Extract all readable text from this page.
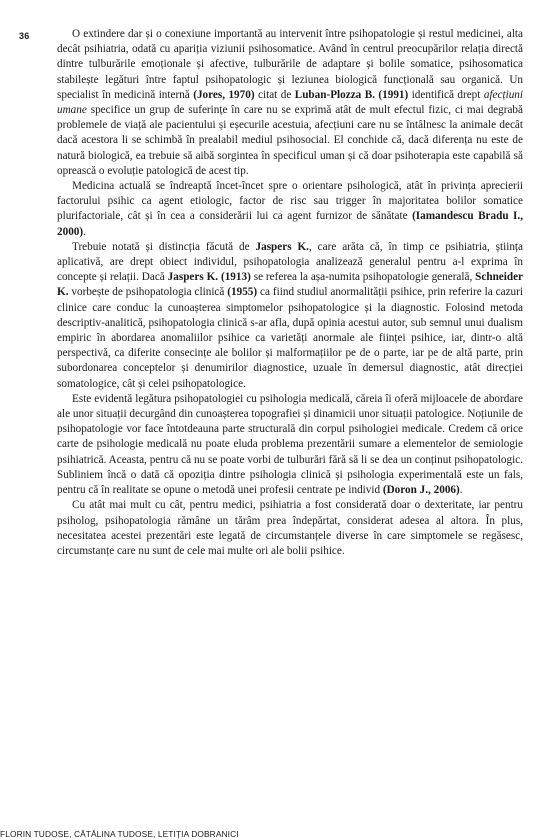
36	O extindere dar și o conexiune importantă au intervenit între psihopatologie și restul medicinei, alta decât psihiatria, odată cu apariția viziunii psihosomatice. Având în centrul preocupărilor relația directă dintre tulburările emoționale și afective, tulburările de adaptare și bolile somatice, psihosomatica stabilește legături între faptul psihopatologic și leziunea biologică funcțională sau organică. Un specialist în medicină internă (Jores, 1970) citat de Luban-Plozza B. (1991) identifică drept afecțiuni umane specifice un grup de suferințe în care nu se exprimă atât de mult efectul fizic, ci mai degrabă problemele de viață ale pacientului și eșecurile acestuia, afecțiuni care nu se întâlnesc la animale decât dacă acestora li se schimbă în prealabil mediul psihosocial. El conchide că, dacă diferența nu este de natură biologică, ea trebuie să aibă sorgintea în specificul uman și că doar psihoterapia este capabilă să oprească o evoluție patologică de acest tip.

Medicina actuală se îndreaptă încet-încet spre o orientare psihologică, atât în privința aprecierii factorului psihic ca agent etiologic, factor de risc sau trigger în majoritatea bolilor somatice plurifactoriale, cât și în cea a considerării lui ca agent furnizor de sănătate (Iamandescu Bradu I., 2000).

Trebuie notată și distincția făcută de Jaspers K., care arăta că, în timp ce psihiatria, știința aplicativă, are drept obiect individul, psihopatologia analizează generalul pentru a-l exprima în concepte și relații. Dacă Jaspers K. (1913) se referea la așa-numita psihopatologie generală, Schneider K. vorbește de psihopatologia clinică (1955) ca fiind studiul anormalității psihice, prin referire la cazuri clinice care conduc la cunoașterea simptomelor psihopatologice și la diagnostic. Folosind metoda descriptiv-analitică, psihopatologia clinică s-ar afla, după opinia acestui autor, sub semnul unui dualism empiric în abordarea anomaliilor psihice ca varietăți anormale ale ființei psihice, iar, dintr-o altă perspectivă, ca diferite consecințe ale bolilor și malformațiilor pe de o parte, iar pe de altă parte, prin subordonarea conceptelor și denumirilor diagnostice, uzuale în demersul diagnostic, atât direcției somatologice, cât și celei psihopatologice.

Este evidentă legătura psihopatologiei cu psihologia medicală, căreia îi oferă mijloacele de abordare ale unor situații decurgând din cunoașterea topografiei și dinamicii unor situații patologice. Noțiunile de psihopatologie vor face întotdeauna parte structurală din corpul psihologiei medicale. Credem că orice carte de psihologie medicală nu poate eluda problema prezentării sumare a elementelor de semiologie psihiatrică. Aceasta, pentru că nu se poate vorbi de tulburări fără să li se dea un conținut psihopatologic. Subliniem încă o dată că opoziția dintre psihologia clinică și psihologia experimentală este un fals, pentru că în realitate se opune o metodă unei profesii centrate pe individ (Doron J., 2006).

Cu atât mai mult cu cât, pentru medici, psihiatria a fost considerată doar o dexteritate, iar pentru psiholog, psihopatologia rămâne un tărâm prea îndepărtat, considerat adesea al altora. În plus, necesitatea acestei prezentări este legată de circumstanțele diverse în care simptomele se regăsesc, circumstanțe care nu sunt de cele mai multe ori ale bolii psihice.

FLORIN TUDOSE, CĂTĂLINA TUDOSE, LETIȚIA DOBRANICI
